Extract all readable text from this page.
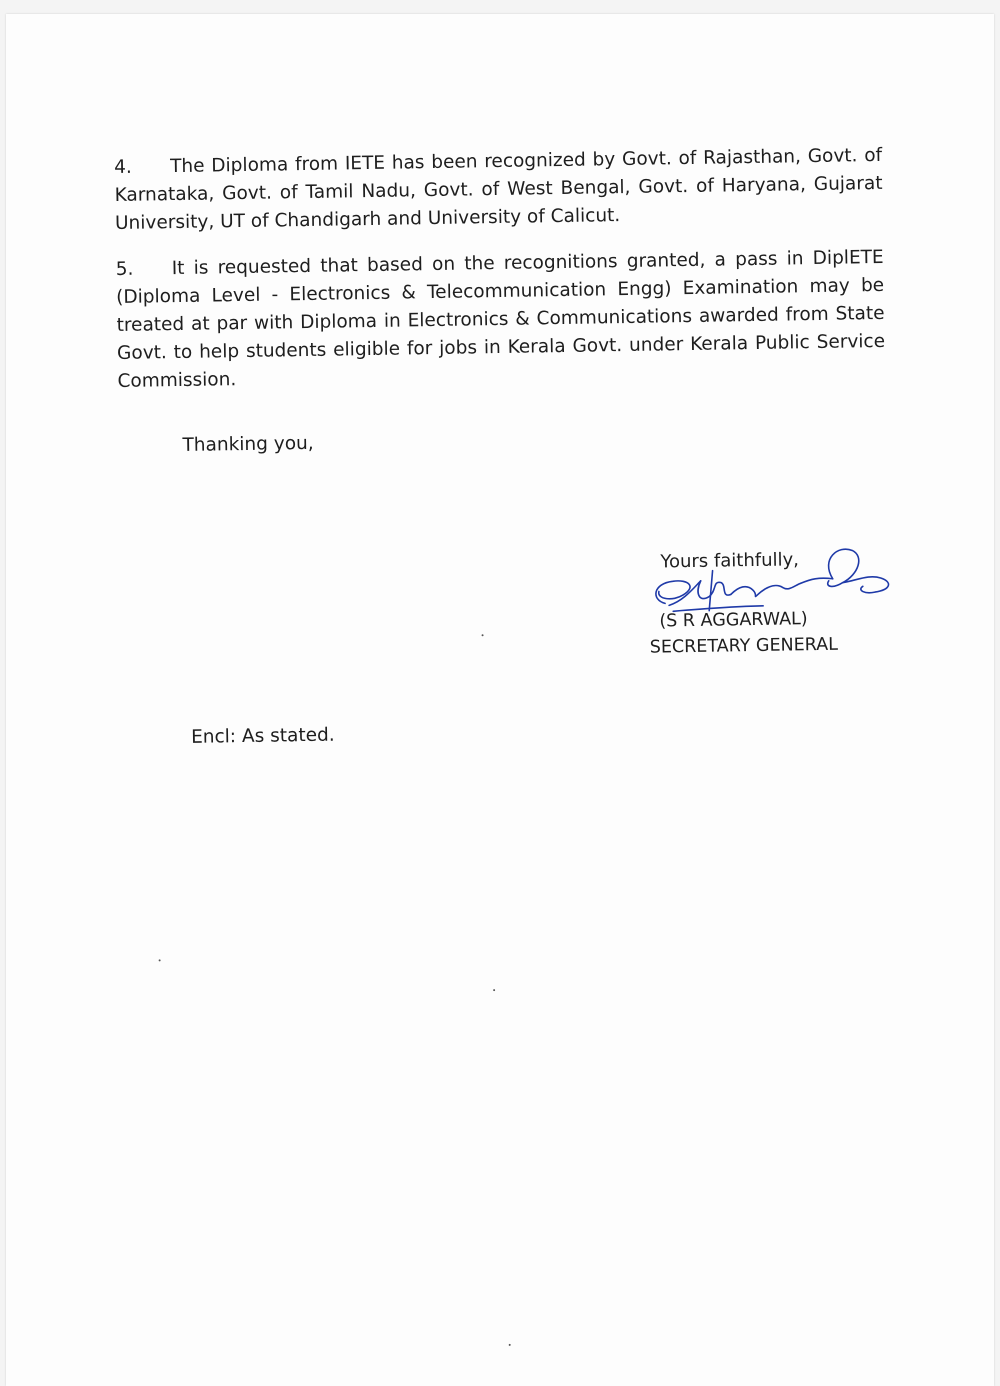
4. The Diploma from IETE has been recognized by Govt. of Rajasthan, Govt. of Karnataka, Govt. of Tamil Nadu, Govt. of West Bengal, Govt. of Haryana, Gujarat University, UT of Chandigarh and University of Calicut.

5. It is requested that based on the recognitions granted, a pass in DiplETE (Diploma Level - Electronics & Telecommunication Engg) Examination may be treated at par with Diploma in Electronics & Communications awarded from State Govt. to help students eligible for jobs in Kerala Govt. under Kerala Public Service Commission.

Thanking you,

Yours faithfully,
(S R AGGARWAL)
SECRETARY GENERAL

Encl: As stated.
